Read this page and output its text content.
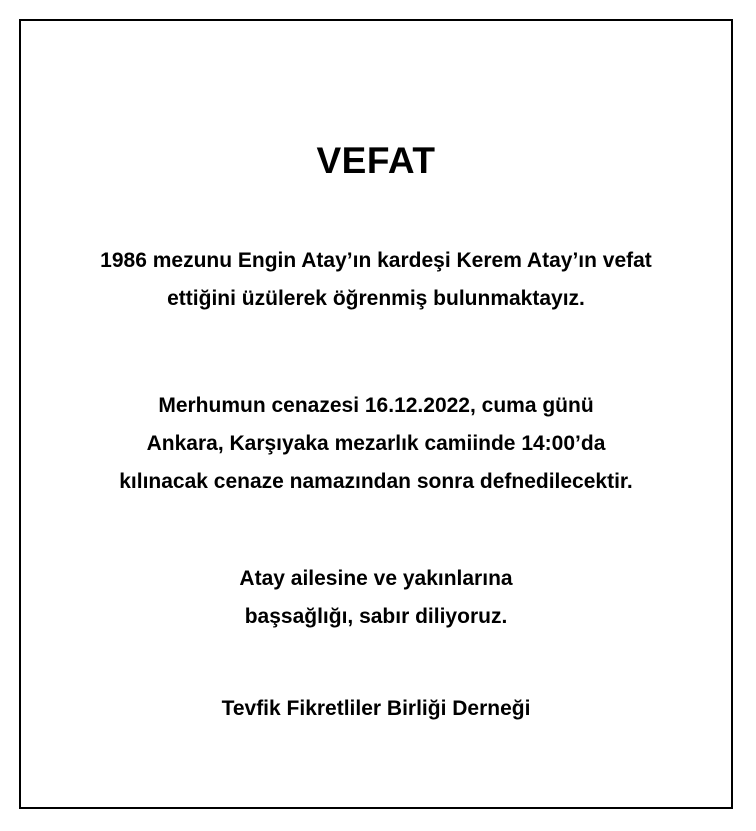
VEFAT
1986 mezunu Engin Atay’ın kardeşi Kerem Atay’ın vefat
ettiğini üzülerek öğrenmiş bulunmaktayız.
Merhumun cenazesi 16.12.2022, cuma günü
Ankara, Karşıyaka mezarlık camiinde 14:00’da
kılınacak cenaze namazından sonra defnedilecektir.
Atay ailesine ve yakınlarına
başsağlığı, sabır diliyoruz.
Tevfik Fikretliler Birliği Derneği
